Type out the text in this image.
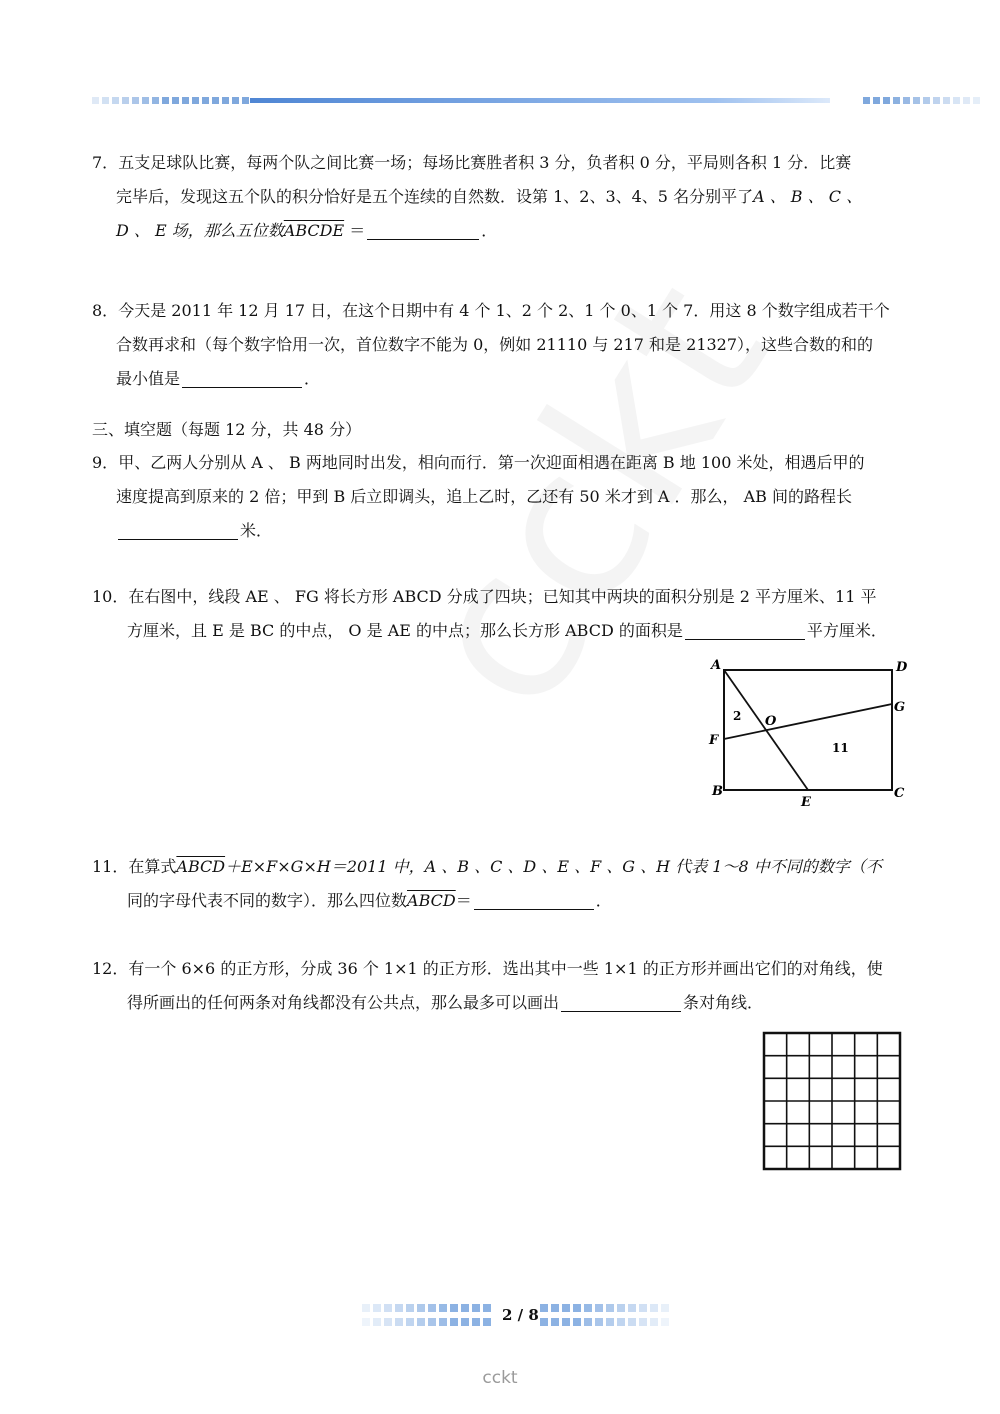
7．五支足球队比赛，每两个队之间比赛一场；每场比赛胜者积 3 分，负者积 0 分，平局则各积 1 分．比赛

完毕后，发现这五个队的积分恰好是五个连续的自然数．设第 1、2、3、4、5 名分别平了A 、 B 、 C 、

D 、 E 场，那么五位数ABCDE ＝	．

8．今天是 2011 年 12 月 17 日，在这个日期中有 4 个 1、2 个 2、1 个 0、1 个 7．用这 8 个数字组成若干个

合数再求和（每个数字恰用一次，首位数字不能为 0，例如 21110 与 217 和是 21327），这些合数的和的

最小值是	．

三、填空题（每题 12 分，共 48 分）

9．甲、乙两人分别从 A 、 B 两地同时出发，相向而行．第一次迎面相遇在距离 B 地 100 米处，相遇后甲的

速度提高到原来的 2 倍；甲到 B 后立即调头，追上乙时，乙还有 50 米才到 A ．那么， AB 间的路程长

米．

10．在右图中，线段 AE 、 FG 将长方形 ABCD 分成了四块；已知其中两块的面积分别是 2 平方厘米、11 平

方厘米，且 E 是 BC 的中点， O 是 AE 的中点；那么长方形 ABCD 的面积是	平方厘米．

A	D
G
F
B	C
E
O
2
11

11．在算式ABCD＋E×F×G×H＝2011 中，A 、B 、C 、D 、E 、F 、G 、H 代表 1～8 中不同的数字（不

同的字母代表不同的数字）．那么四位数ABCD＝	．

12．有一个 6×6 的正方形，分成 36 个 1×1 的正方形．选出其中一些 1×1 的正方形并画出它们的对角线，使

得所画出的任何两条对角线都没有公共点，那么最多可以画出	条对角线．

2 / 8
cckt
